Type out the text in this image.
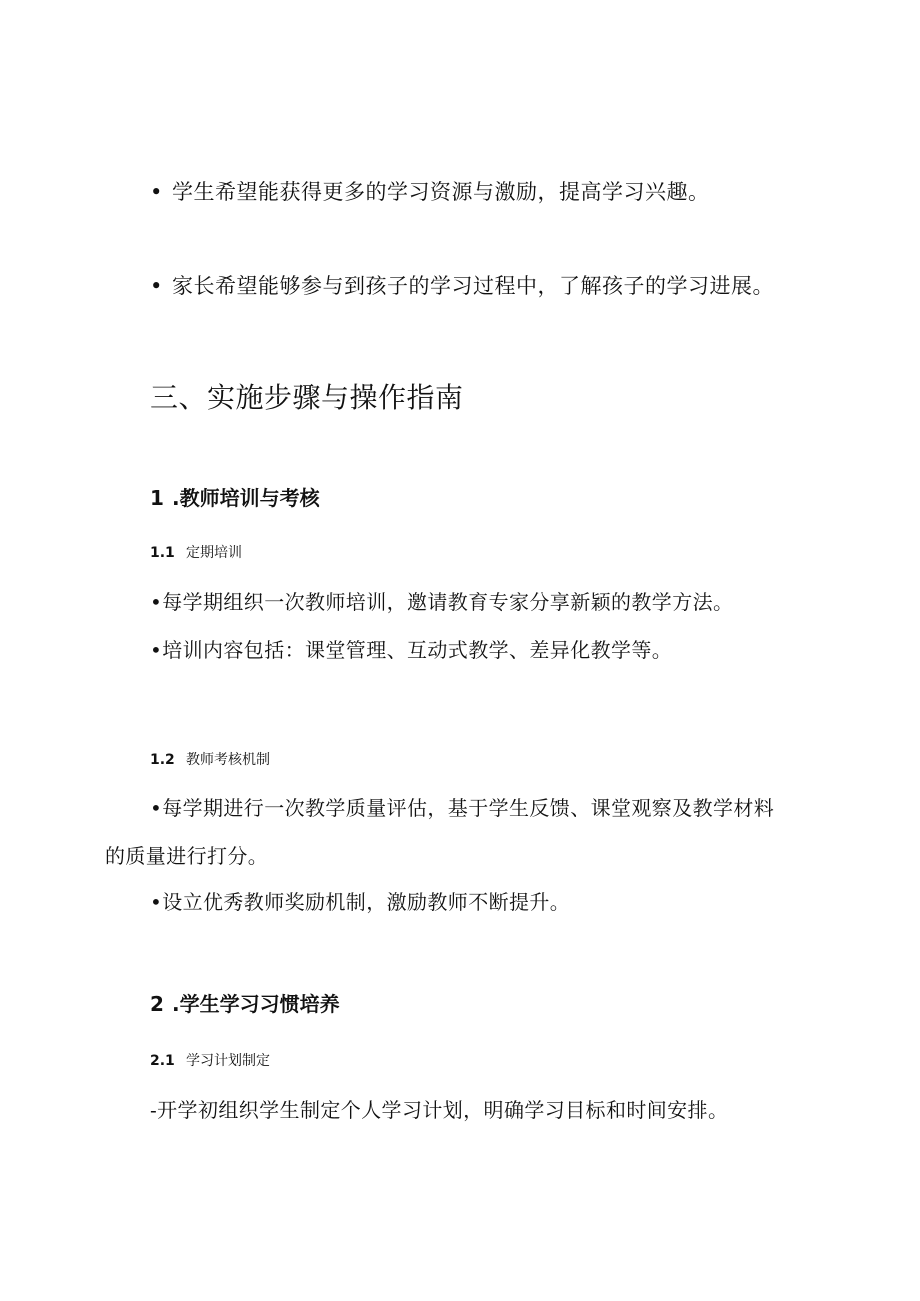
• 学生希望能获得更多的学习资源与激励，提高学习兴趣。
• 家长希望能够参与到孩子的学习过程中，了解孩子的学习进展。
三、实施步骤与操作指南
1 .教师培训与考核
1.1 定期培训
•每学期组织一次教师培训，邀请教育专家分享新颖的教学方法。
•培训内容包括：课堂管理、互动式教学、差异化教学等。
1.2 教师考核机制
•每学期进行一次教学质量评估，基于学生反馈、课堂观察及教学材料
的质量进行打分。
•设立优秀教师奖励机制，激励教师不断提升。
2 .学生学习习惯培养
2.1 学习计划制定
-开学初组织学生制定个人学习计划，明确学习目标和时间安排。
